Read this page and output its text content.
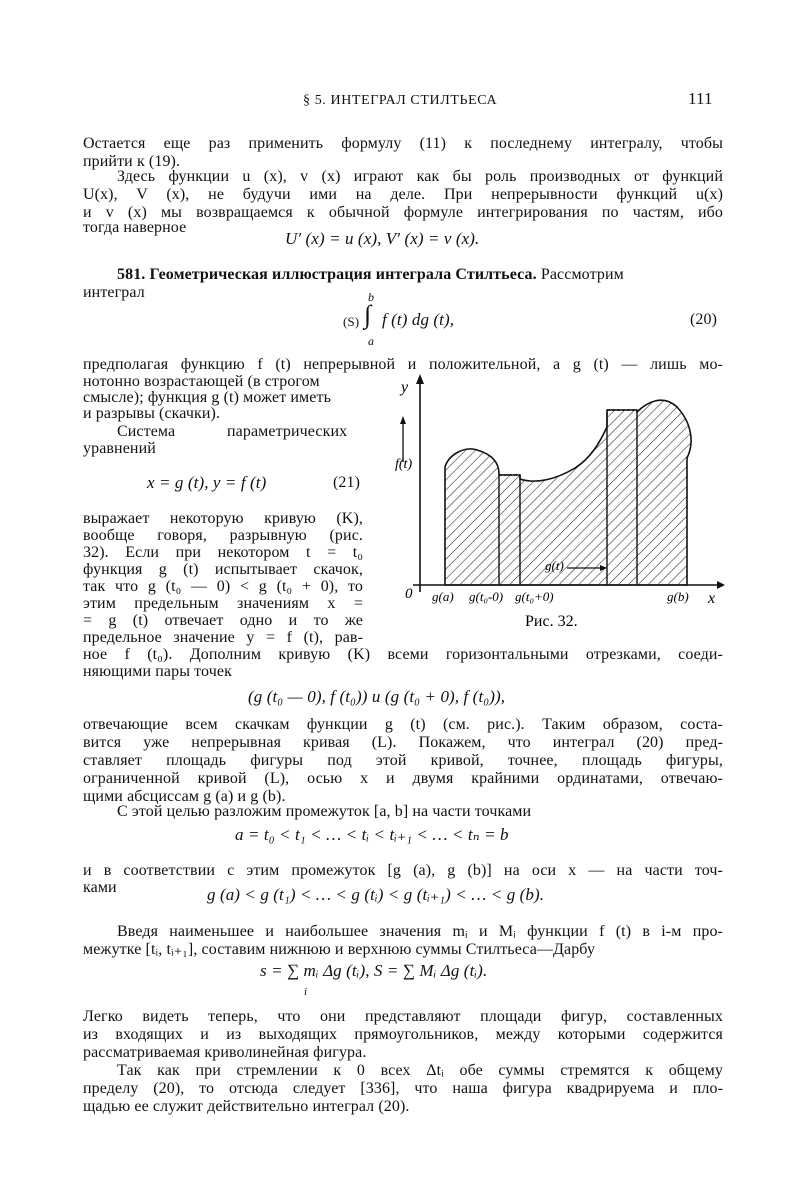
§ 5. ИНТЕГРАЛ СТИЛТЬЕСА	111
Остается еще раз применить формулу (11) к последнему интегралу, чтобы
прийти к (19).
Здесь функции u (x), v (x) играют как бы роль производных от функций
U(x), V (x), не будучи ими на деле. При непрерывности функций u(x)
и v (x) мы возвращаемся к обычной формуле интегрирования по частям, ибо
тогда наверное
U′ (x) = u (x), V′ (x) = v (x).
581. Геометрическая иллюстрация интеграла Стилтьеса. Рассмотрим
интеграл
(S)
b
∫
a
f (t) dg (t),	(20)
предполагая функцию f (t) непрерывной и положительной, а g (t) — лишь мо-
нотонно возрастающей (в строгом
смысле); функция g (t) может иметь
и разрывы (скачки).
Система	параметрических
уравнений
x = g (t), y = f (t)	(21)
выражает некоторую кривую (K),
вообще говоря, разрывную (рис.
32). Если при некотором t = t₀
функция g (t) испытывает скачок,
так что g (t₀ — 0) < g (t₀ + 0), то
этим предельным значениям x =
= g (t) отвечает одно и то же
предельное значение y = f (t), рав-
ное f (t₀). Дополним кривую (K) всеми горизонтальными отрезками, соеди-
няющими пары точек
(g (t₀ — 0), f (t₀)) и (g (t₀ + 0), f (t₀)),
отвечающие всем скачкам функции g (t) (см. рис.). Таким образом, соста-
вится уже непрерывная кривая (L). Покажем, что интеграл (20) пред-
ставляет площадь фигуры под этой кривой, точнее, площадь фигуры,
ограниченной кривой (L), осью x и двумя крайними ординатами, отвечаю-
щими абсциссам g (a) и g (b).
С этой целью разложим промежуток [a, b] на части точками
a = t₀ < t₁ < … < tᵢ < tᵢ₊₁ < … < tₙ = b
и в соответствии с этим промежуток [g (a), g (b)] на оси x — на части точ-
ками	g (a) < g (t₁) < … < g (tᵢ) < g (tᵢ₊₁) < … < g (b).
Введя наименьшее и наибольшее значения mᵢ и Mᵢ функции f (t) в i-м про-
межутке [tᵢ, tᵢ₊₁], составим нижнюю и верхнюю суммы Стилтьеса—Дарбу
s = ∑ mᵢ Δg (tᵢ), S = ∑ Mᵢ Δg (tᵢ).
i
Легко видеть теперь, что они представляют площади фигур, составленных
из входящих и из выходящих прямоугольников, между которыми содержится
рассматриваемая криволинейная фигура.
Так как при стремлении к 0 всех Δtᵢ обе суммы стремятся к общему
пределу (20), то отсюда следует [336], что наша фигура квадрируема и пло-
щадью ее служит действительно интеграл (20).
y
x
0
f(t)
g(t)
g(a) g(t₀-0) g(t₀+0)	g(b)
Рис. 32.
